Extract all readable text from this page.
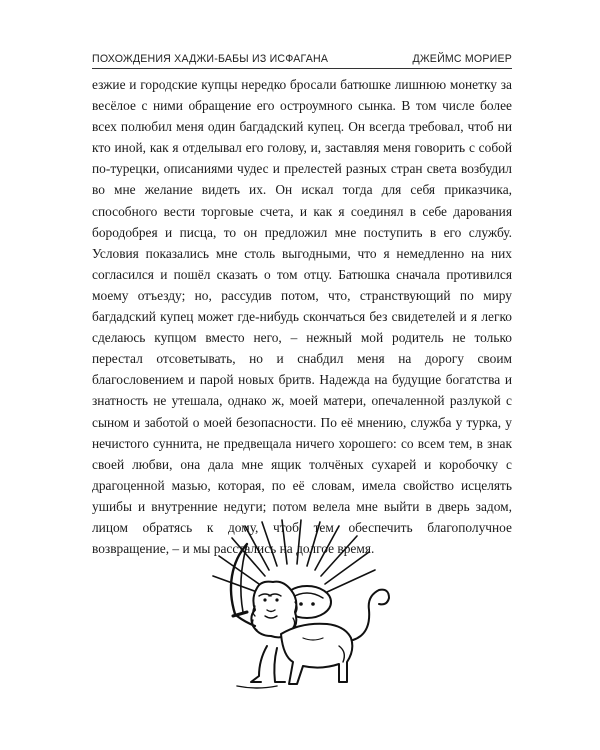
ПОХОЖДЕНИЯ ХАДЖИ-БАБЫ ИЗ ИСФАГАНА	ДЖЕЙМС МОРИЕР

езжие и городские купцы нередко бросали батюшке лишнюю монетку за весёлое с ними обращение его остроумного сынка. В том числе более всех полюбил меня один багдадский купец. Он всегда требовал, чтоб ни кто иной, как я отделывал его голову, и, заставляя меня говорить с собой по-турецки, описаниями чудес и прелестей разных стран света возбудил во мне желание видеть их. Он искал тогда для себя приказчика, способного вести торговые счета, и как я соединял в себе дарования бородобрея и писца, то он предложил мне поступить в его службу. Условия показались мне столь выгодными, что я немедленно на них согласился и пошёл сказать о том отцу. Батюшка сначала противился моему отъезду; но, рассудив потом, что, странствующий по миру багдадский купец может где-нибудь скончаться без свидетелей и я легко сделаюсь купцом вместо него, – нежный мой родитель не только перестал отсоветывать, но и снабдил меня на дорогу своим благословением и парой новых бритв. Надежда на будущие богатства и знатность не утешала, однако ж, моей матери, опечаленной разлукой с сыном и заботой о моей безопасности. По её мнению, служба у турка, у нечистого суннита, не предвещала ничего хорошего: со всем тем, в знак своей любви, она дала мне ящик толчёных сухарей и коробочку с драгоценной мазью, которая, по её словам, имела свойство исцелять ушибы и внутренние недуги; потом велела мне выйти в дверь задом, лицом обратясь к дому, чтоб тем обеспечить благополучное возвращение, – и мы расстались на долгое время.
